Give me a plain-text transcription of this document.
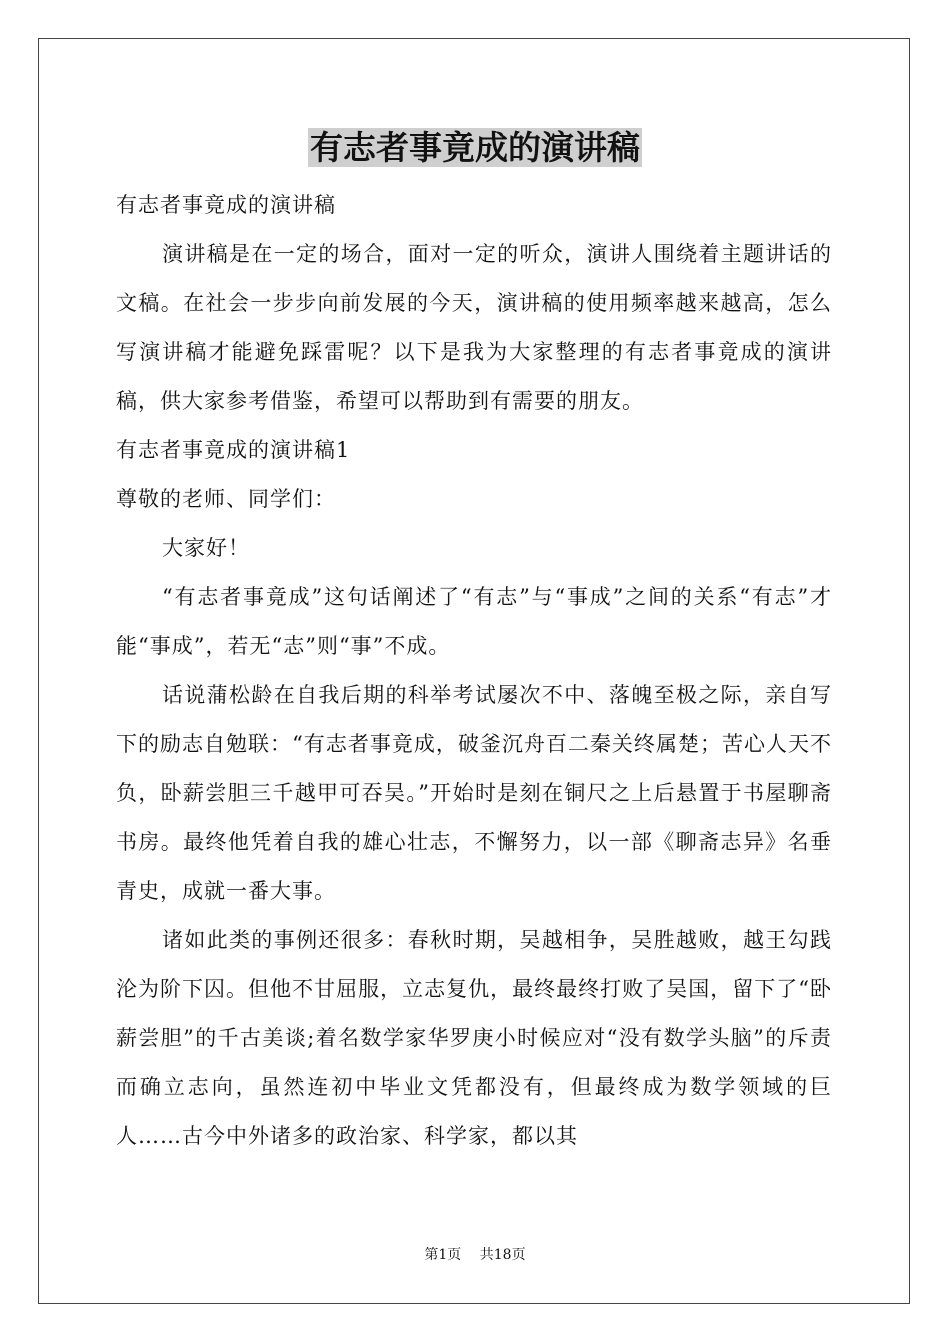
有志者事竟成的演讲稿

有志者事竟成的演讲稿

演讲稿是在一定的场合，面对一定的听众，演讲人围绕着主题讲话的文稿。在社会一步步向前发展的今天，演讲稿的使用频率越来越高，怎么写演讲稿才能避免踩雷呢？以下是我为大家整理的有志者事竟成的演讲稿，供大家参考借鉴，希望可以帮助到有需要的朋友。

有志者事竟成的演讲稿1

尊敬的老师、同学们：

大家好！

“有志者事竟成”这句话阐述了“有志”与“事成”之间的关系“有志”才能“事成”，若无“志”则“事”不成。

话说蒲松龄在自我后期的科举考试屡次不中、落魄至极之际，亲自写下的励志自勉联：“有志者事竟成，破釜沉舟百二秦关终属楚；苦心人天不负，卧薪尝胆三千越甲可吞吴。”开始时是刻在铜尺之上后悬置于书屋聊斋书房。最终他凭着自我的雄心壮志，不懈努力，以一部《聊斋志异》名垂青史，成就一番大事。

诸如此类的事例还很多：春秋时期，吴越相争，吴胜越败，越王勾践沦为阶下囚。但他不甘屈服，立志复仇，最终最终打败了吴国，留下了“卧薪尝胆”的千古美谈;着名数学家华罗庚小时候应对“没有数学头脑”的斥责而确立志向，虽然连初中毕业文凭都没有，但最终成为数学领域的巨人……古今中外诸多的政治家、科学家，都以其

第1页 共18页
